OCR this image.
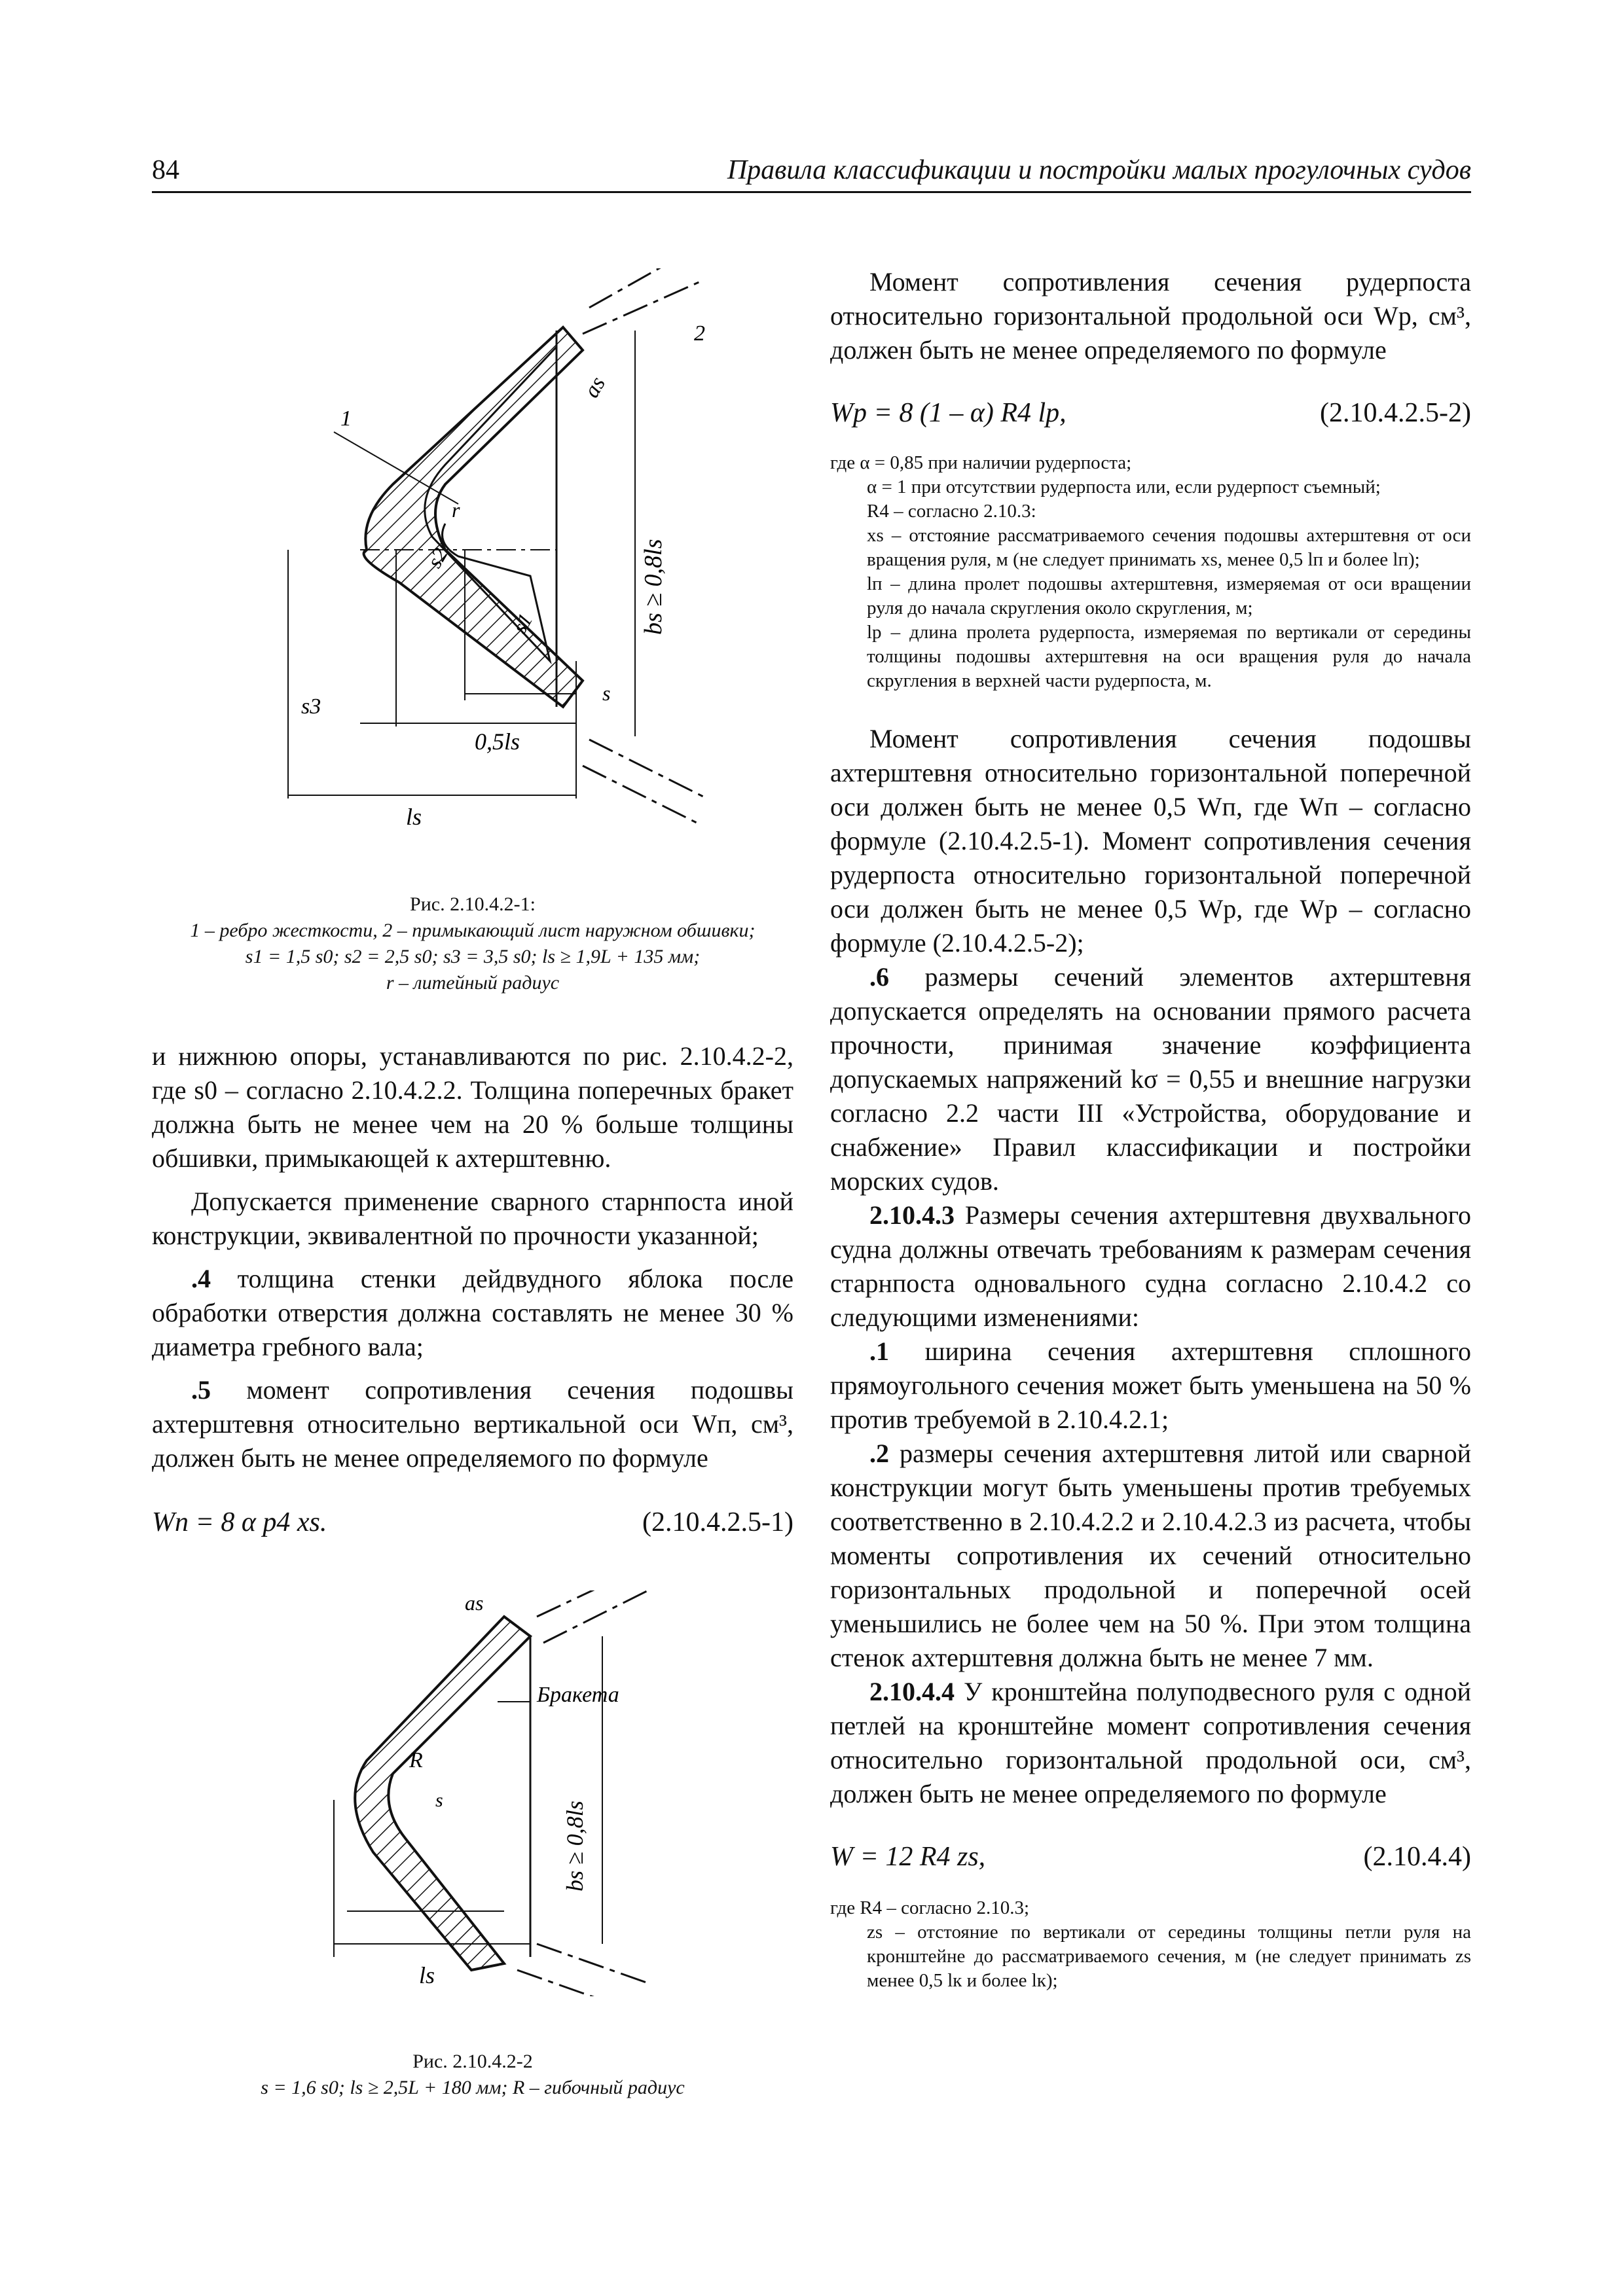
84	Правила классификации и постройки малых прогулочных судов
1
2
as
r
s2	bs ≥ 0,8ls
s3
s1
s
0,5ls
ls
Рис. 2.10.4.2-1:
1 – ребро жесткости, 2 – примыкающий лист наружном обшивки;
s1 = 1,5 s0; s2 = 2,5 s0; s3 = 3,5 s0; ls ≥ 1,9L + 135 мм;
r – литейный радиус

и нижнюю опоры, устанавливаются по рис. 2.10.4.2-2, где s0 – согласно 2.10.4.2.2. Толщина поперечных бракет должна быть не менее чем на 20 % больше толщины обшивки, примыкающей к ахтерштевню.

Допускается применение сварного старнпоста иной конструкции, эквивалентной по прочности указанной;

.4 толщина стенки дейдвудного яблока после обработки отверстия должна составлять не менее 30 % диаметра гребного вала;

.5 момент сопротивления сечения подошвы ахтерштевня относительно вертикальной оси Wп, см³, должен быть не менее определяемого по формуле

Wп = 8 α p4 xs.	(2.10.4.2.5-1)
as
Бракета
R
s
bs ≥ 0,8ls
ls
Рис. 2.10.4.2-2
s = 1,6 s0; ls ≥ 2,5L + 180 мм; R – гибочный радиус

Момент сопротивления сечения рудерпоста относительно горизонтальной продольной оси Wр, см³, должен быть не менее определяемого по формуле

Wр = 8 (1 – α) R4 lр,	(2.10.4.2.5-2)
где α = 0,85 при наличии рудерпоста;
α = 1 при отсутствии рудерпоста или, если рудерпост съемный;
R4 – согласно 2.10.3:
xs – отстояние рассматриваемого сечения подошвы ахтерштевня от оси вращения руля, м (не следует принимать xs, менее 0,5 lп и более lп);
lп – длина пролет подошвы ахтерштевня, измеряемая от оси вращении руля до начала скругления около скругления, м;
lр – длина пролета рудерпоста, измеряемая по вертикали от середины толщины подошвы ахтерштевня на оси вращения руля до начала скругления в верхней части рудерпоста, м.

Момент сопротивления сечения подошвы ахтерштевня относительно горизонтальной поперечной оси должен быть не менее 0,5 Wп, где Wп – согласно формуле (2.10.4.2.5-1). Момент сопротивления сечения рудерпоста относительно горизонтальной поперечной оси должен быть не менее 0,5 Wр, где Wр – согласно формуле (2.10.4.2.5-2);

.6 размеры сечений элементов ахтерштевня допускается определять на основании прямого расчета прочности, принимая значение коэффициента допускаемых напряжений kσ = 0,55 и внешние нагрузки согласно 2.2 части III «Устройства, оборудование и снабжение» Правил классификации и постройки морских судов.

2.10.4.3 Размеры сечения ахтерштевня двухвального судна должны отвечать требованиям к размерам сечения старнпоста одновального судна согласно 2.10.4.2 со следующими изменениями:

.1 ширина сечения ахтерштевня сплошного прямоугольного сечения может быть уменьшена на 50 % против требуемой в 2.10.4.2.1;

.2 размеры сечения ахтерштевня литой или сварной конструкции могут быть уменьшены против требуемых соответственно в 2.10.4.2.2 и 2.10.4.2.3 из расчета, чтобы моменты сопротивления их сечений относительно горизонтальных продольной и поперечной осей уменьшились не более чем на 50 %. При этом толщина стенок ахтерштевня должна быть не менее 7 мм.

2.10.4.4 У кронштейна полуподвесного руля с одной петлей на кронштейне момент сопротивления сечения относительно горизонтальной продольной оси, см³, должен быть не менее определяемого по формуле

W = 12 R4 zs,	(2.10.4.4)
где R4 – согласно 2.10.3;
zs – отстояние по вертикали от середины толщины петли руля на кронштейне до рассматриваемого сечения, м (не следует принимать zs менее 0,5 lк и более lк);
